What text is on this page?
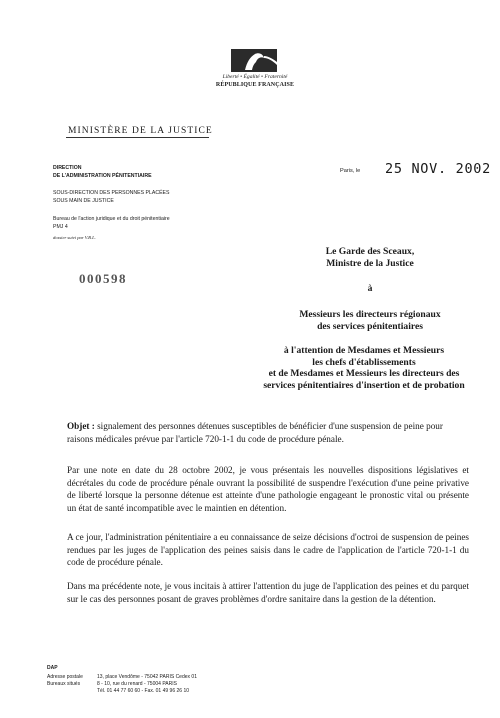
Liberté • Égalité • Fraternité
RÉPUBLIQUE FRANÇAISE
MINISTÈRE DE LA JUSTICE
DIRECTION
DE L'ADMINISTRATION PÉNITENTIAIRE
SOUS-DIRECTION DES PERSONNES PLACÉES
SOUS MAIN DE JUSTICE
Bureau de l'action juridique et du droit pénitentiaire
PMJ 4
dossier suivi par V.B.L.
000598
Paris, le 25 NOV. 2002
Le Garde des Sceaux,
Ministre de la Justice
à
Messieurs les directeurs régionaux
des services pénitentiaires
à l'attention de Mesdames et Messieurs
les chefs d'établissements
et de Mesdames et Messieurs les directeurs des
services pénitentiaires d'insertion et de probation
Objet : signalement des personnes détenues susceptibles de bénéficier d'une suspension de peine pour raisons médicales prévue par l'article 720-1-1 du code de procédure pénale.
Par une note en date du 28 octobre 2002, je vous présentais les nouvelles dispositions législatives et décrétales du code de procédure pénale ouvrant la possibilité de suspendre l'exécution d'une peine privative de liberté lorsque la personne détenue est atteinte d'une pathologie engageant le pronostic vital ou présente un état de santé incompatible avec le maintien en détention.
A ce jour, l'administration pénitentiaire a eu connaissance de seize décisions d'octroi de suspension de peines rendues par les juges de l'application des peines saisis dans le cadre de l'application de l'article 720-1-1 du code de procédure pénale.
Dans ma précédente note, je vous incitais à attirer l'attention du juge de l'application des peines et du parquet sur le cas des personnes posant de graves problèmes d'ordre sanitaire dans la gestion de la détention.
DAP
Adresse postale
Bureaux situés
13, place Vendôme - 75042 PARIS Cedex 01
8 - 10, rue du renard - 75004 PARIS
Tél. 01 44 77 60 60 - Fax. 01 49 96 26 10
